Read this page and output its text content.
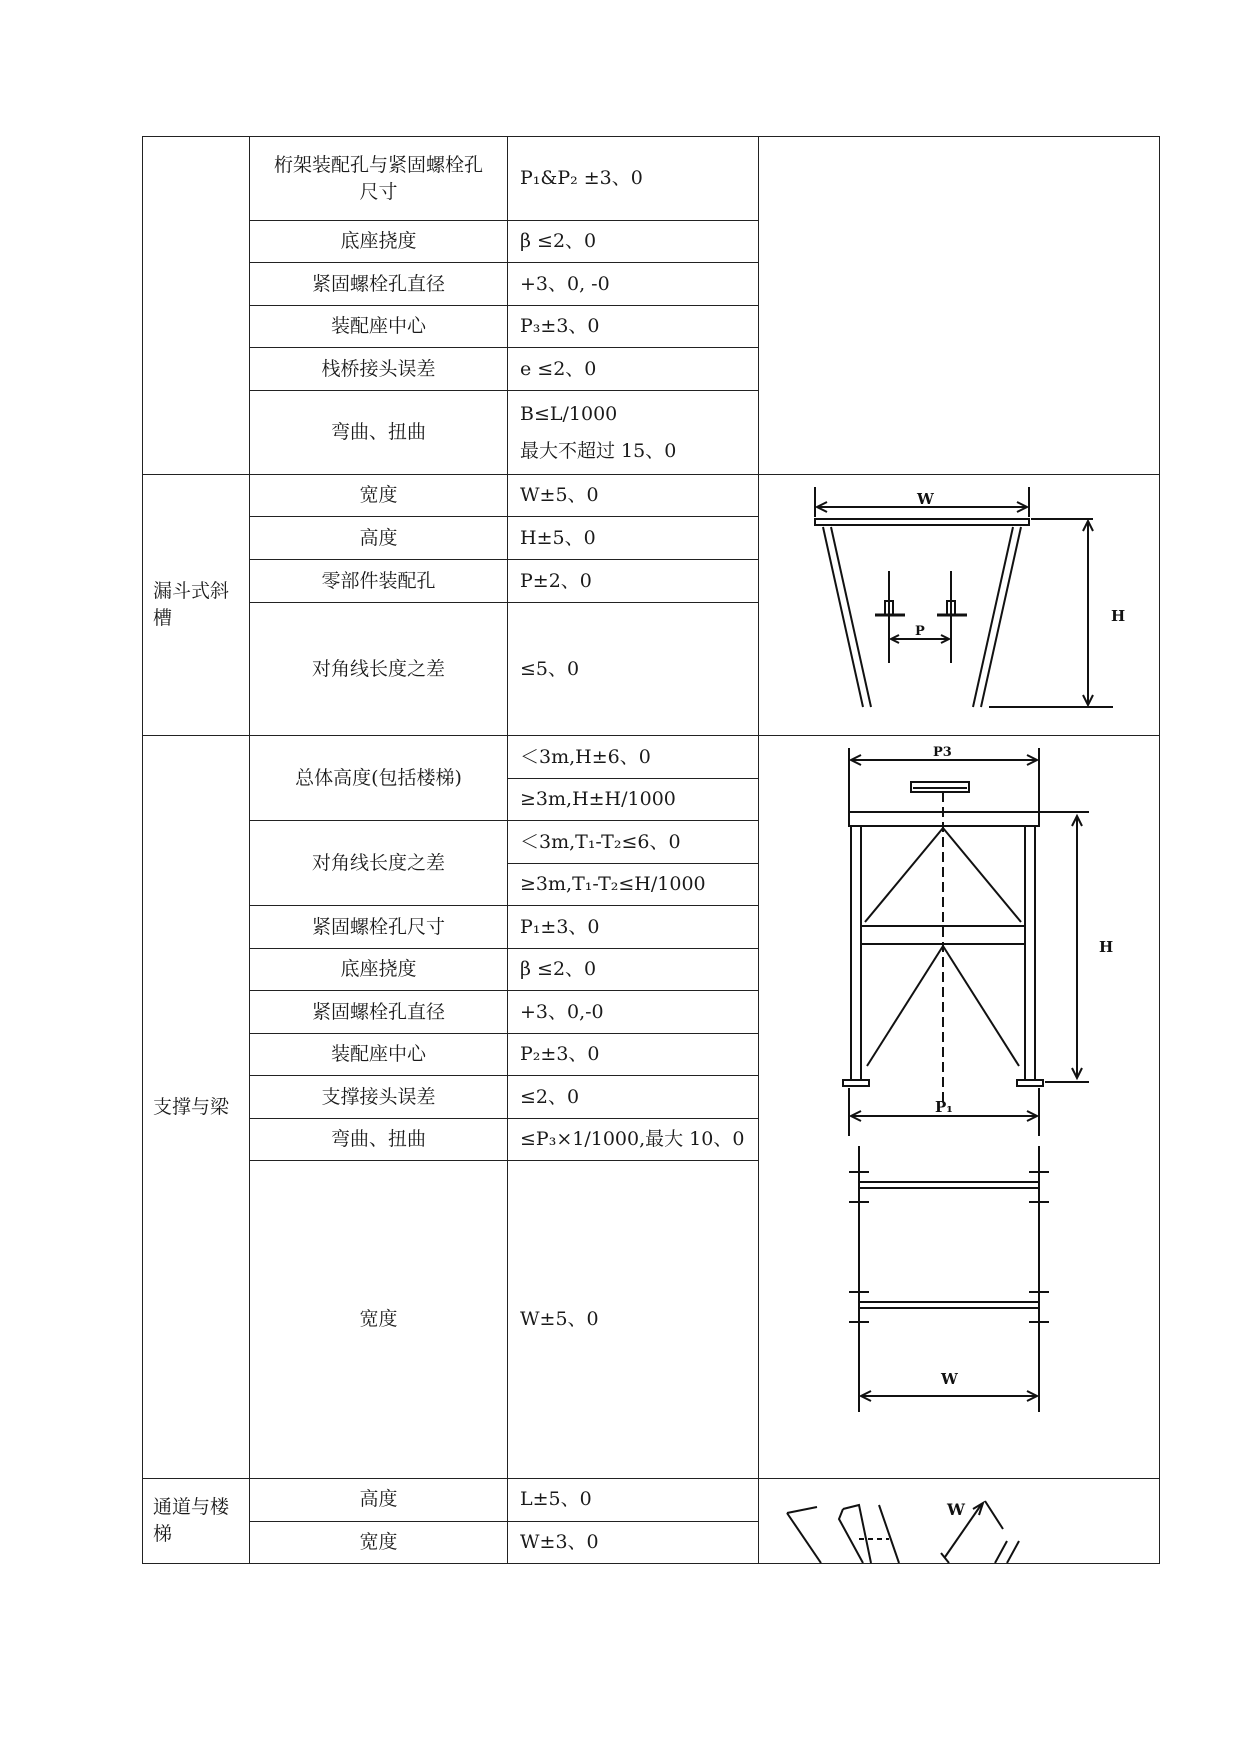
	桁架装配孔与紧固螺栓孔尺寸	P₁&P₂ ±3、0	
	底座挠度	β ≤2、0	
	紧固螺栓孔直径	+3、0, -0	
	装配座中心	P₃±3、0	
	栈桥接头误差	e ≤2、0	
	弯曲、扭曲	B≤L/1000
最大不超过 15、0	

漏斗式斜槽	宽度	W±5、0	W
H
P

	高度	H±5、0	
	零部件装配孔	P±2、0	
	对角线长度之差	≤5、0	
支撑与梁	总体高度(包括楼梯)	＜3m,H±6、0	P3
H
P₁
W

		≥3m,H±H/1000	
	对角线长度之差	＜3m,T₁-T₂≤6、0	
		≥3m,T₁-T₂≤H/1000	
	紧固螺栓孔尺寸	P₁±3、0	
	底座挠度	β ≤2、0	
	紧固螺栓孔直径	+3、0,-0	
	装配座中心	P₂±3、0	
	支撑接头误差	≤2、0	
	弯曲、扭曲	≤P₃×1/1000,最大 10、0	
	宽度	W±5、0	

通道与楼梯	高度	L±5、0	W

	宽度	W±3、0	
